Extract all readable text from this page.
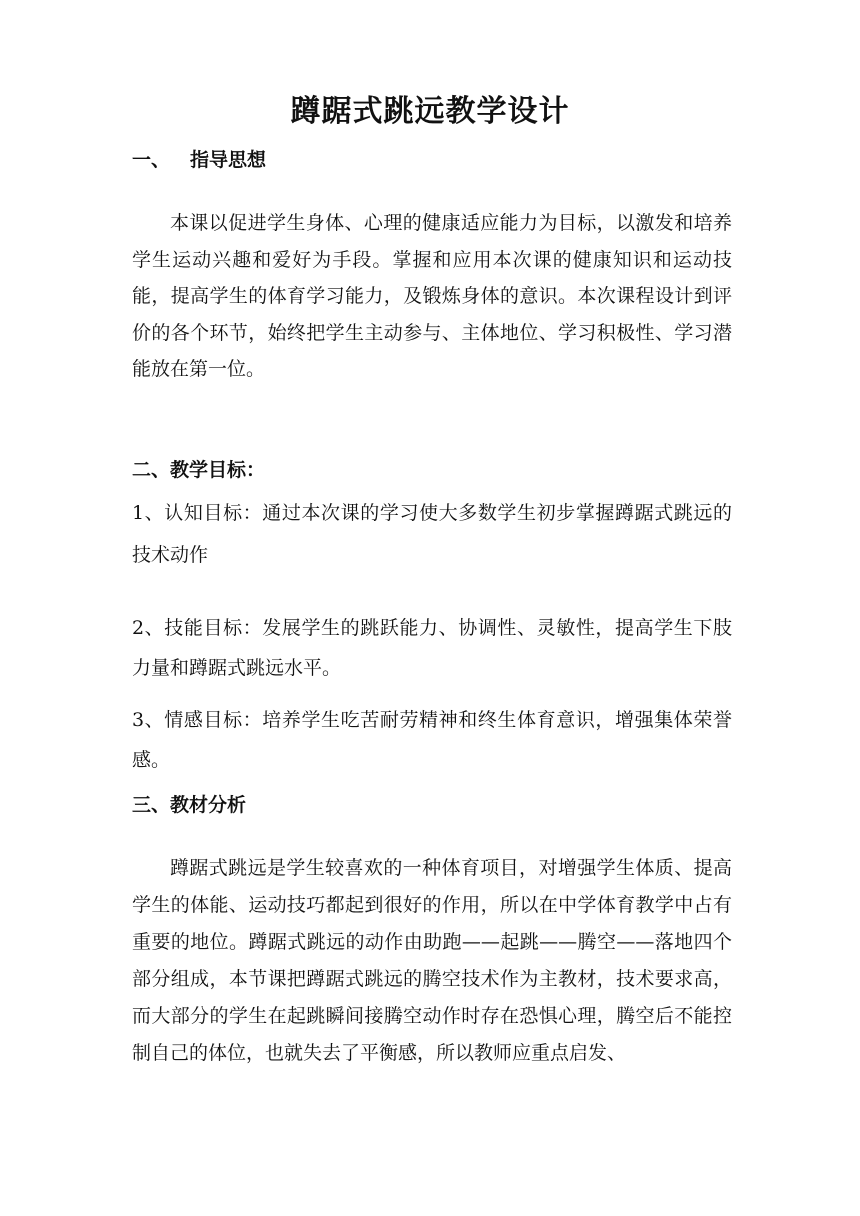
蹲踞式跳远教学设计
一、 指导思想
本课以促进学生身体、心理的健康适应能力为目标，以激发和培养学生运动兴趣和爱好为手段。掌握和应用本次课的健康知识和运动技能，提高学生的体育学习能力，及锻炼身体的意识。本次课程设计到评价的各个环节，始终把学生主动参与、主体地位、学习积极性、学习潜能放在第一位。
二、教学目标：
1、认知目标：通过本次课的学习使大多数学生初步掌握蹲踞式跳远的技术动作
2、技能目标：发展学生的跳跃能力、协调性、灵敏性，提高学生下肢力量和蹲踞式跳远水平。
3、情感目标：培养学生吃苦耐劳精神和终生体育意识，增强集体荣誉感。
三、教材分析
蹲踞式跳远是学生较喜欢的一种体育项目，对增强学生体质、提高学生的体能、运动技巧都起到很好的作用，所以在中学体育教学中占有重要的地位。蹲踞式跳远的动作由助跑——起跳——腾空——落地四个部分组成，本节课把蹲踞式跳远的腾空技术作为主教材，技术要求高，而大部分的学生在起跳瞬间接腾空动作时存在恐惧心理，腾空后不能控制自己的体位，也就失去了平衡感，所以教师应重点启发、
